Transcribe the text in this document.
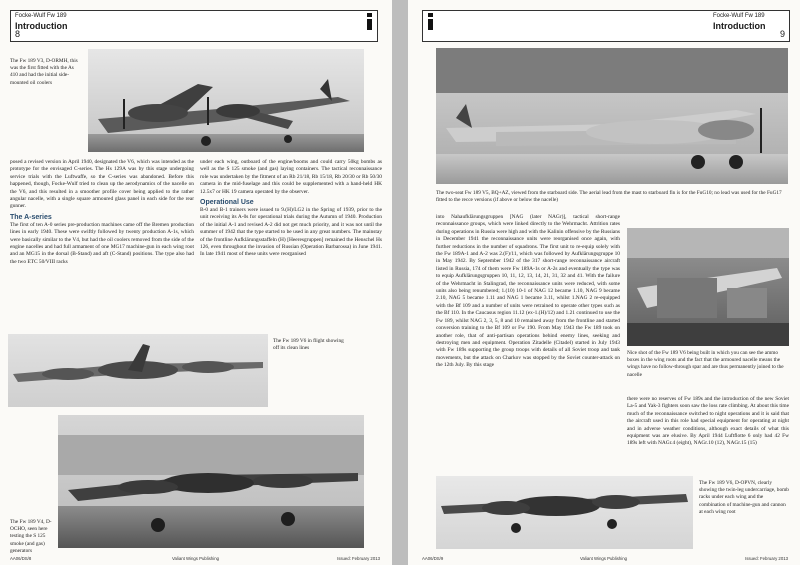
Focke-Wulf Fw 189
Introduction
8
The Fw 189 V3, D-ORMH, this was the first fitted with the As 410 and had the initial side-mounted oil coolers

posed a revised version in April 1940, designated the V6, which was intended as the prototype for the envisaged C-series. The Hs 129A was by this stage undergoing service trials with the Luftwaffe, so the C-series was abandoned. Before this happened, though, Focke-Wulf tried to clean up the aerodynamics of the nacelle on the V6, and this resulted in a smoother profile cover being applied to the rather angular nacelle, with a single square armoured glass panel in each side for the rear gunner.

The A-series

The first of ten A-0 series pre-production machines came off the Bremen production lines in early 1940. These were swiftly followed by twenty production A-1s, which were basically similar to the V4, but had the oil coolers removed from the side of the engine nacelles and had full armament of one MG17 machine-gun in each wing root and an MG15 in the dorsal (B-Stand) and aft (C-Stand) positions. The type also had the two ETC 50/VIII racks

under each wing, outboard of the engine/booms and could carry 50kg bombs as well as the S 125 smoke (and gas) laying containers. The tactical reconnaissance role was undertaken by the fitment of an Rb 21/18, Rb 15/18, Rb 20/30 or Rb 50/30 camera in the mid-fuselage and this could be supplemented with a hand-held HK 12.5x7 or HK 19 camera operated by the observer.

Operational Use

B-0 and B-1 trainers were issued to 9.(H)/LG2 in the Spring of 1939, prior to the unit receiving its A-0s for operational trials during the Autumn of 1940. Production of the initial A-1 and revised A-2 did not get much priority, and it was not until the summer of 1942 that the type started to be used in any great numbers. The mainstay of the frontline Aufklärungsstaffeln (H) [Heeresgruppen] remained the Henschel Hs 126, even throughout the invasion of Russian (Operation Barbarossa) in June 1941. In late 1941 most of these units were reorganised

The Fw 189 V6 in flight showing off its clean lines
The Fw 189 V4, D-OCHO, seen here testing the S 125 smoke (and gas) generators
AA06/DS/8	Valiant Wings Publishing	Issued: February 2013
Focke-Wulf Fw 189
Introduction
9
The two-seat Fw 189 V5, BQ+AZ, viewed from the starboard side. The aerial lead from the mast to starboard fin is for the FuG10; no lead was used for the FuG17 fitted to the recce versions (if above or below the nacelle)

into Nahaufklärungsgruppen [NAG (later NAGr)], tactical short-range reconnaissance groups, which were linked directly to the Wehrmacht. Attrition rates during operations in Russia were high and with the Kalinin offensive by the Russians in December 1941 the reconnaissance units were reorganised once again, with further reductions in the number of squadrons. The first unit to re-equip solely with the Fw 189A-1 and A-2 was 2.(F)/11, which was followed by Aufklärungsgruppe 10 in May 1942. By September 1942 of the 317 short-range reconnaissance aircraft listed in Russia, 174 of them were Fw 189A-1s or A-2s and eventually the type was to equip Aufklärungsgruppen 10, 11, 12, 13, 14, 21, 31, 32 and 41. With the failure of the Wehrmacht in Stalingrad, the reconnaissance units were reduced, with some units also being renumbered; 1.(10) 10-1 of NAG 12 became 1.10, NAG 9 became 2.10, NAG 5 became 1.11 and NAG 1 became 3.11, whilst 1.NAG 2 re-equipped with the Bf 109 and a number of units were retrained to operate other types such as the Bf 110. In the Caucasus region 11.12 (ex-1.(H)/12) and 1.21 continued to use the Fw 189, whilst NAG 2, 3, 5, 8 and 10 remained away from the frontline and started conversion training to the Bf 109 or Fw 190. From May 1943 the Fw 189 took on another role, that of anti-partisan operations behind enemy lines, seeking and destroying men and equipment. Operation Zitadelle (Citadel) started in July 1943 with Fw 189s supporting the group troops with details of all Soviet troop and tank movements, but the attack on Charkov was stopped by the Soviet counter-attack on the 12th July. By this stage

Nice shot of the Fw 189 V6 being built in which you can see the ammo boxes in the wing roots and the fact that the armoured nacelle means the wings have no follow-through spar and are thus permanently joined to the nacelle

there were no reserves of Fw 189s and the introduction of the new Soviet La-5 and Yak-3 fighters soon saw the loss rate climbing. At about this time much of the reconnaissance switched to night operations and it is said that the aircraft used in this role had special equipment for operating at night and in adverse weather conditions, although exact details of what this equipment was are elusive. By April 1944 Luftflotte 6 only had 42 Fw 189s left with NAGr.4 (eight), NAGr.10 (12), NAGr.15 (15)

The Fw 189 V6, D-OPVN, clearly showing the twin-leg undercarriage, bomb racks under each wing and the combination of machine-gun and cannon at each wing root
AA06/DS/9	Valiant Wings Publishing	Issued: February 2013
